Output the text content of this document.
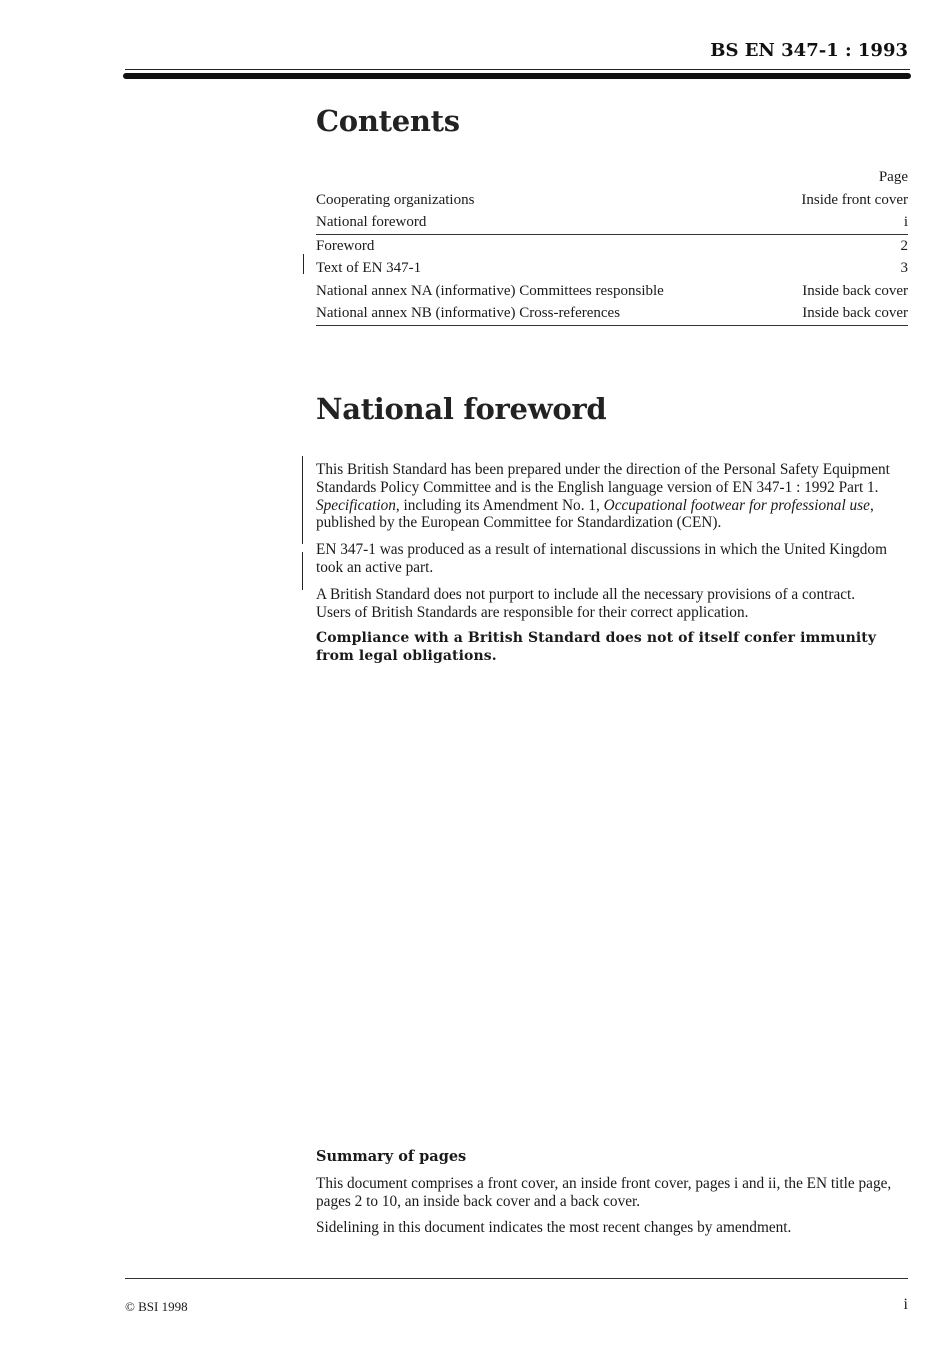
BS EN 347-1 : 1993
Contents
Page
Cooperating organizations	Inside front cover
National foreword	i
Foreword	2
Text of EN 347-1	3
National annex NA (informative) Committees responsible	Inside back cover
National annex NB (informative) Cross-references	Inside back cover
National foreword

This British Standard has been prepared under the direction of the Personal Safety Equipment Standards Policy Committee and is the English language version of EN 347-1 : 1992 Part 1. Specification, including its Amendment No. 1, Occupational footwear for professional use, published by the European Committee for Standardization (CEN).

EN 347-1 was produced as a result of international discussions in which the United Kingdom took an active part.

A British Standard does not purport to include all the necessary provisions of a contract. Users of British Standards are responsible for their correct application.

Compliance with a British Standard does not of itself confer immunity from legal obligations.

Summary of pages

This document comprises a front cover, an inside front cover, pages i and ii, the EN title page, pages 2 to 10, an inside back cover and a back cover.

Sidelining in this document indicates the most recent changes by amendment.

© BSI 1998	i
